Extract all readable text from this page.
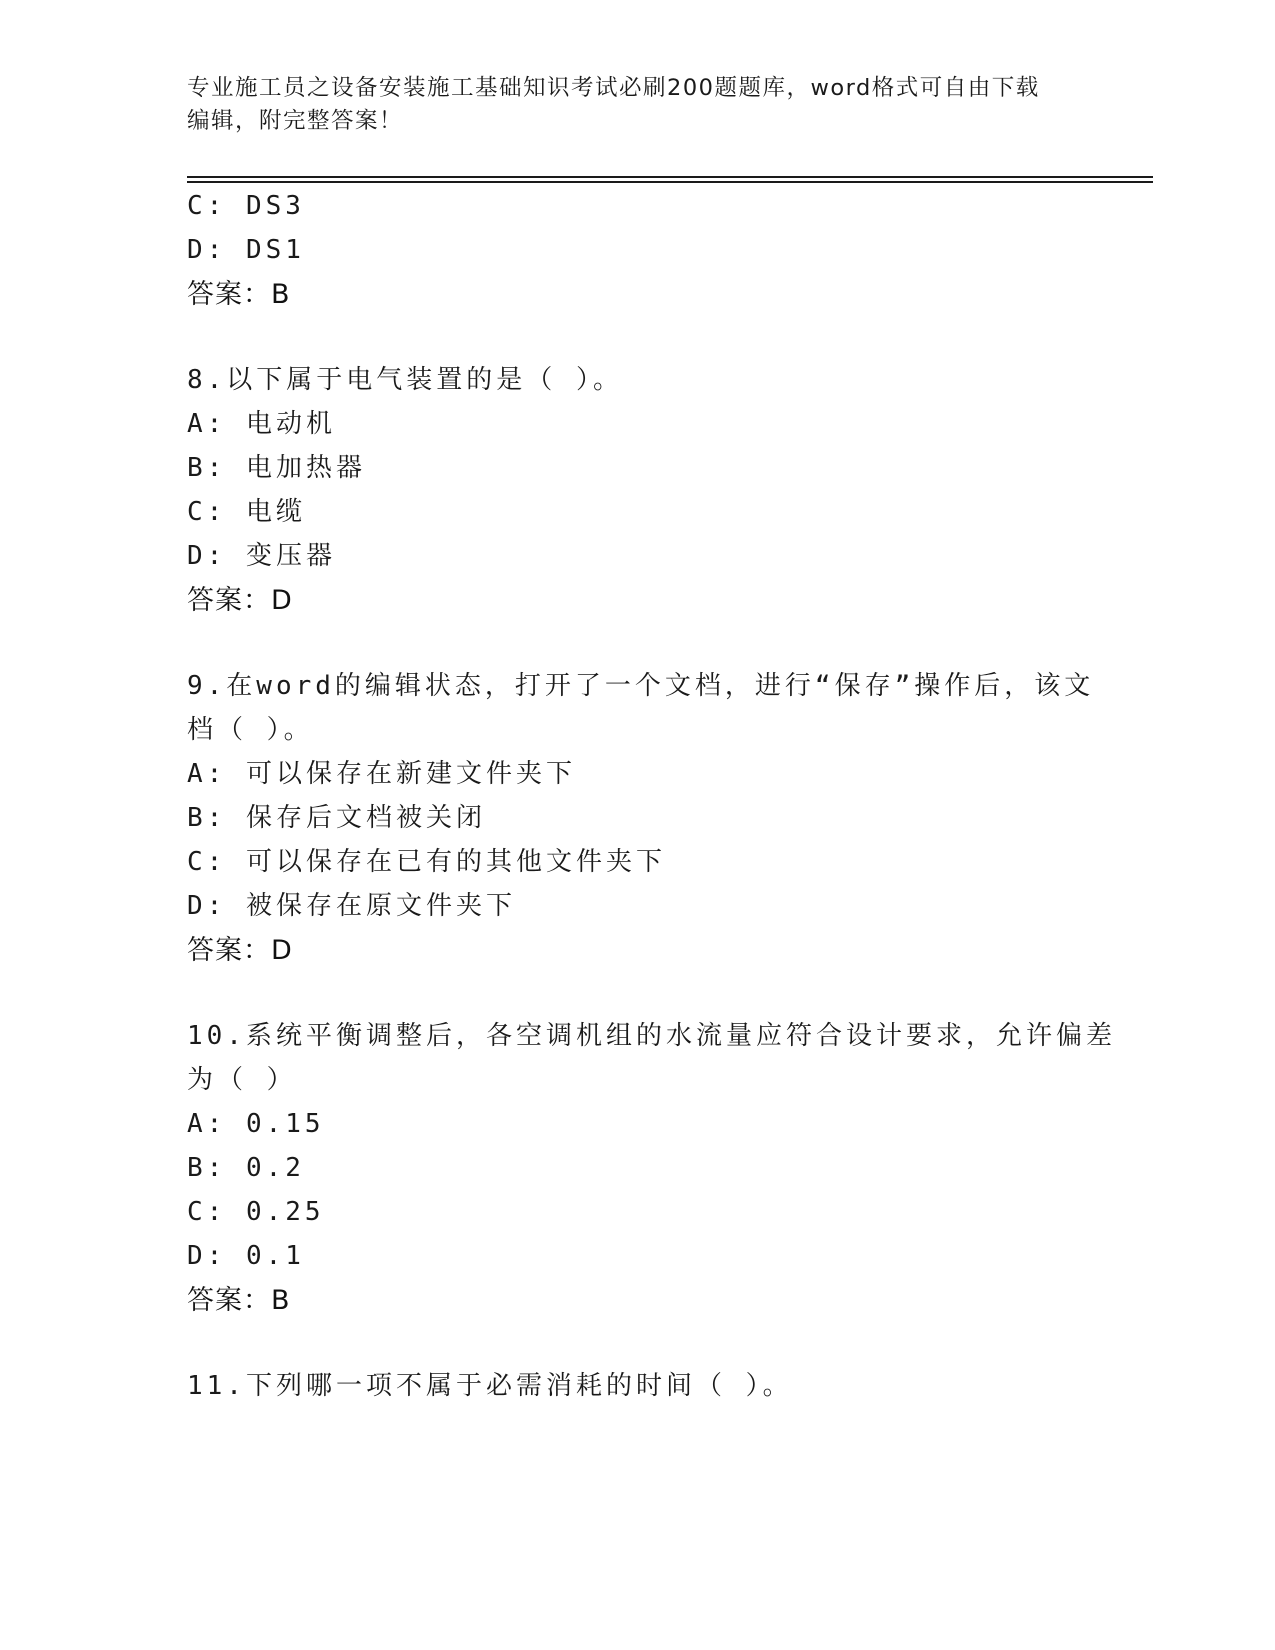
专业施工员之设备安装施工基础知识考试必刷200题题库，word格式可自由下载
编辑，附完整答案！
C: DS3
D: DS1
答案：B
8.以下属于电气装置的是（ ）。
A: 电动机
B: 电加热器
C: 电缆
D: 变压器
答案：D
9.在word的编辑状态，打开了一个文档，进行“保存”操作后，该文
档（ ）。
A: 可以保存在新建文件夹下
B: 保存后文档被关闭
C: 可以保存在已有的其他文件夹下
D: 被保存在原文件夹下
答案：D
10.系统平衡调整后，各空调机组的水流量应符合设计要求，允许偏差
为（ ）
A: 0.15
B: 0.2
C: 0.25
D: 0.1
答案：B
11.下列哪一项不属于必需消耗的时间（ ）。
